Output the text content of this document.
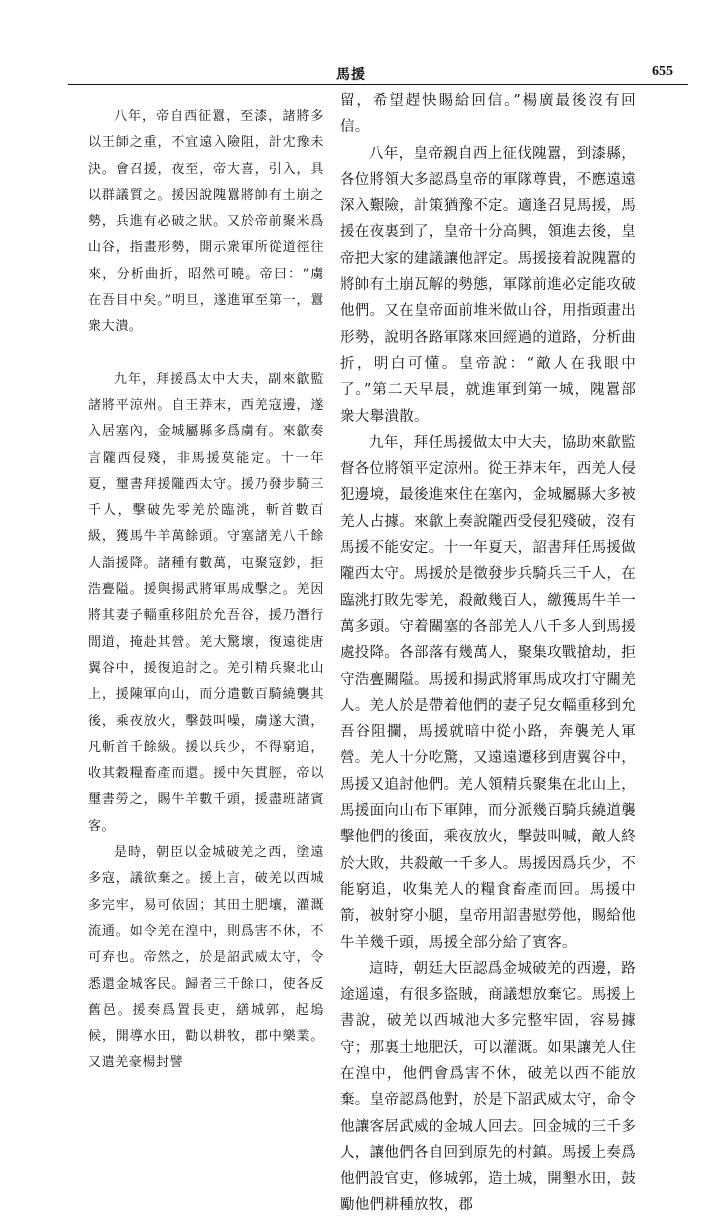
馬援	655

八年，帝自西征囂，至漆，諸將多以王師之重，不宜遠入險阻，計冘豫未決。會召援，夜至，帝大喜，引入，具以群議質之。援因說隗囂將帥有土崩之勢，兵進有必破之狀。又於帝前聚米爲山谷，指畫形勢，開示衆軍所從道徑往來，分析曲折，昭然可曉。帝曰：“虜在吾目中矣。”明旦，遂進軍至第一，囂衆大潰。

九年，拜援爲太中大夫，副來歙監諸將平涼州。自王莽末，西羌寇邊，遂入居塞內，金城屬縣多爲虜有。來歙奏言隴西侵殘，非馬援莫能定。十一年夏，璽書拜援隴西太守。援乃發步騎三千人，擊破先零羌於臨洮，斬首數百級，獲馬牛羊萬餘頭。守塞諸羌八千餘人詣援降。諸種有數萬，屯聚寇鈔，拒浩亹隘。援與揚武將軍馬成擊之。羌因將其妻子輜重移阻於允吾谷，援乃潛行閒道，掩赴其營。羌大驚壞，復遠徙唐翼谷中，援復追討之。羌引精兵聚北山上，援陳軍向山，而分遣數百騎繞襲其後，乘夜放火，擊鼓叫噪，虜遂大潰，凡斬首千餘級。援以兵少，不得窮追，收其穀糧畜產而還。援中矢貫脛，帝以璽書勞之，賜牛羊數千頭，援盡班諸賓客。

是時，朝臣以金城破羌之西，塗遠多寇，議欲棄之。援上言，破羌以西城多完牢，易可依固；其田土肥壤，灌溉流通。如令羌在湟中，則爲害不休，不可弃也。帝然之，於是詔武威太守，令悉還金城客民。歸者三千餘口，使各反舊邑。援奏爲置長吏，繕城郭，起塢候，開導水田，勸以耕牧，郡中樂業。又遣羌豪楊封譬

留，希望趕快賜給回信。”楊廣最後沒有回信。

八年，皇帝親自西上征伐隗囂，到漆縣，各位將領大多認爲皇帝的軍隊尊貴，不應遠遠深入艱險，計策猶豫不定。適逢召見馬援，馬援在夜裏到了，皇帝十分高興，領進去後，皇帝把大家的建議讓他評定。馬援接着說隗囂的將帥有土崩瓦解的勢態，軍隊前進必定能攻破他們。又在皇帝面前堆米做山谷，用指頭畫出形勢，說明各路軍隊來回經過的道路，分析曲折，明白可懂。皇帝說：“敵人在我眼中了。”第二天早晨，就進軍到第一城，隗囂部衆大舉潰散。

九年，拜任馬援做太中大夫，協助來歙監督各位將領平定涼州。從王莽末年，西羌人侵犯邊境，最後進來住在塞內，金城屬縣大多被羌人占據。來歙上奏說隴西受侵犯殘破，沒有馬援不能安定。十一年夏天，詔書拜任馬援做隴西太守。馬援於是徵發步兵騎兵三千人，在臨洮打敗先零羌，殺敵幾百人，繳獲馬牛羊一萬多頭。守着關塞的各部羌人八千多人到馬援處投降。各部落有幾萬人，聚集攻戰搶劫，拒守浩亹關隘。馬援和揚武將軍馬成攻打守關羌人。羌人於是帶着他們的妻子兒女輜重移到允吾谷阻攔，馬援就暗中從小路，奔襲羌人軍營。羌人十分吃驚，又遠遠遷移到唐翼谷中，馬援又追討他們。羌人領精兵聚集在北山上，馬援面向山布下軍陣，而分派幾百騎兵繞道襲擊他們的後面，乘夜放火，擊鼓叫喊，敵人終於大敗，共殺敵一千多人。馬援因爲兵少，不能窮追，收集羌人的糧食畜產而回。馬援中箭，被射穿小腿，皇帝用詔書慰勞他，賜給他牛羊幾千頭，馬援全部分給了賓客。

這時，朝廷大臣認爲金城破羌的西邊，路途遥遠，有很多盜賊，商議想放棄它。馬援上書說，破羌以西城池大多完整牢固，容易據守；那裏土地肥沃，可以灌溉。如果讓羌人住在湟中，他們會爲害不休，破羌以西不能放棄。皇帝認爲他對，於是下詔武威太守，命令他讓客居武威的金城人回去。回金城的三千多人，讓他們各自回到原先的村鎮。馬援上奏爲他們設官吏，修城郭，造土城，開墾水田，鼓勵他們耕種放牧，郡
